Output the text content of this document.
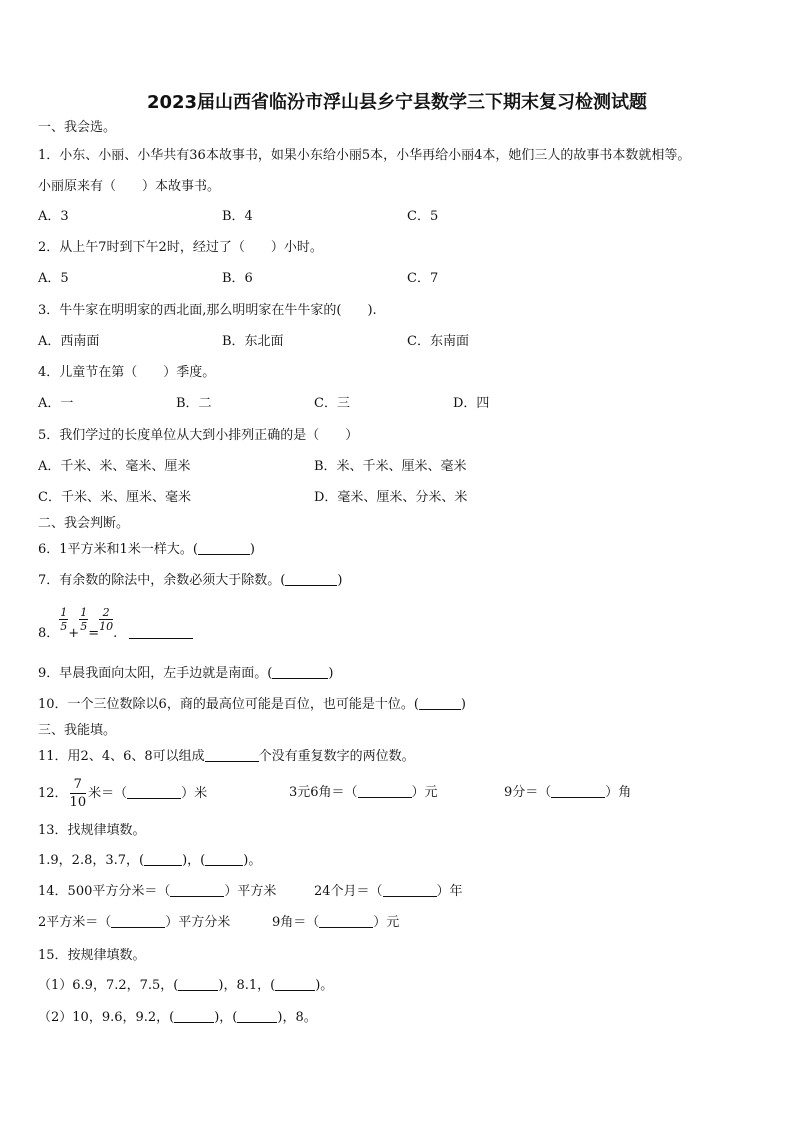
2023届山西省临汾市浮山县乡宁县数学三下期末复习检测试题
一、我会选。
1．小东、小丽、小华共有36本故事书，如果小东给小丽5本，小华再给小丽4本，她们三人的故事书本数就相等。
小丽原来有（　　）本故事书。
A．3	B．4	C．5
2．从上午7时到下午2时，经过了（　　）小时。
A．5	B．6	C．7
3．牛牛家在明明家的西北面,那么明明家在牛牛家的(　　).
A．西南面	B．东北面	C．东南面
4．儿童节在第（　　）季度。
A．一	B．二	C．三	D．四
5．我们学过的长度单位从大到小排列正确的是（　　）
A．千米、米、毫米、厘米	B．米、千米、厘米、毫米
C．千米、米、厘米、毫米	D．毫米、厘米、分米、米
二、我会判断。
6．1平方米和1米一样大。(	)
7．有余数的除法中，余数必须大于除数。(	)
8．
$\frac{1}{5}$
+
$\frac{1}{5}$
=
$\frac{2}{10}$
.
9．早晨我面向太阳，左手边就是南面。(	)
10．一个三位数除以6，商的最高位可能是百位，也可能是十位。(	)
三、我能填。
11．用2、4、6、8可以组成	个没有重复数字的两位数。
12． $\frac{7}{10}$ 米＝（	）米	3元6角＝（	）元	9分＝（	）角
13．找规律填数。
1.9，2.8，3.7，(	)，(	)。
14．500平方分米＝（	）平方米	24个月＝（	）年
2平方米＝（	）平方分米	9角＝（	）元
15．按规律填数。
（1）6.9，7.2，7.5，(	)，8.1，(	)。
（2）10，9.6，9.2，(	)，(	)，8。
